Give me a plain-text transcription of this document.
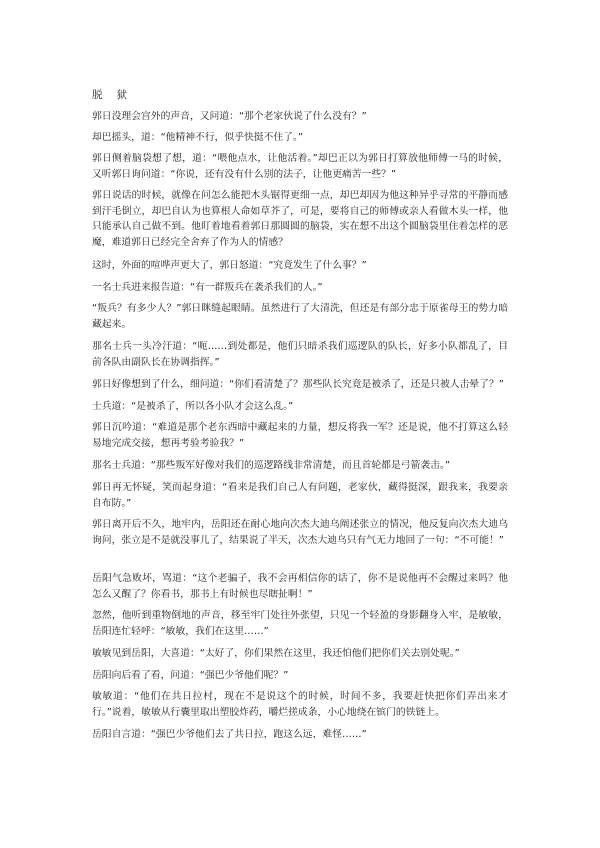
脱狱

郭日没理会宫外的声音，又问道：“那个老家伙说了什么没有？”

却巴摇头，道：“他精神不行，似乎快挺不住了。”

郭日侧着脑袋想了想，道：“喂他点水，让他活着。”却巴正以为郭日打算放他师傅一马的时候，又听郭日询问道：“你说，还有没有什么别的法子，让他更痛苦一些？”

郭日说话的时候，就像在问怎么能把木头锯得更细一点，却巴却因为他这种异乎寻常的平静而感到汗毛倒立，却巴自认为也算根人命如草芥了，可是，要将自己的师傅或亲人看做木头一样，他只能承认自己做不到。他盯着地看着郭日那圆圆的脑袋，实在想不出这个圆脑袋里住着怎样的恶魔，难道郭日已经完全舍弃了作为人的情感？

这时，外面的喧哗声更大了，郭日怒道：“究竟发生了什么事？”

一名士兵进来报告道：“有一群叛兵在袭杀我们的人。”

“叛兵？有多少人？”郭日眯缝起眼睛。虽然进行了大清洗，但还是有部分忠于原雀母王的势力暗藏起来。

那名士兵一头冷汗道：“呃……到处都是，他们只暗杀我们巡逻队的队长，好多小队都乱了，目前各队由副队长在协调指挥。”

郭日好像想到了什么，细问道：“你们看清楚了？那些队长究竟是被杀了，还是只被人击晕了？”

士兵道：“是被杀了，所以各小队才会这么乱。”

郭日沉吟道：“难道是那个老东西暗中藏起来的力量，想反将我一军？还是说，他不打算这么轻易地完成交接，想再考验考验我？”

那名士兵道：“那些叛军好像对我们的巡逻路线非常清楚，而且首轮都是弓箭袭击。”

郭日再无怀疑，笑而起身道：“看来是我们自己人有问题，老家伙，藏得挺深，跟我来，我要亲自布防。”

郭日离开后不久，地牢内，岳阳还在耐心地向次杰大迪乌阐述张立的情况，他反复向次杰大迪乌询问，张立是不是就没事儿了，结果说了半天，次杰大迪乌只有气无力地回了一句：“不可能！”

岳阳气急败坏，骂道：“这个老骗子，我不会再相信你的话了，你不是说他再不会醒过来吗？他怎么又醒了？你看书，那书上有时候也尽瞎扯啊！”

忽然，他听到重物倒地的声音，移至牢门处往外张望，只见一个轻盈的身影翻身入牢，是敏敏，岳阳连忙轻呼：“敏敏，我们在这里……”

敏敏见到岳阳，大喜道：“太好了，你们果然在这里，我还怕他们把你们关去别处呢。”

岳阳向后看了看，问道：“强巴少爷他们呢？”

敏敏道：“他们在共日拉村，现在不是说这个的时候，时间不多，我要赶快把你们弄出来才行。”说着，敏敏从行囊里取出塑胶炸药，嚼烂搓成条，小心地绕在镔门的铁链上。

岳阳自言道：“强巴少爷他们去了共日拉，跑这么远，难怪……”
